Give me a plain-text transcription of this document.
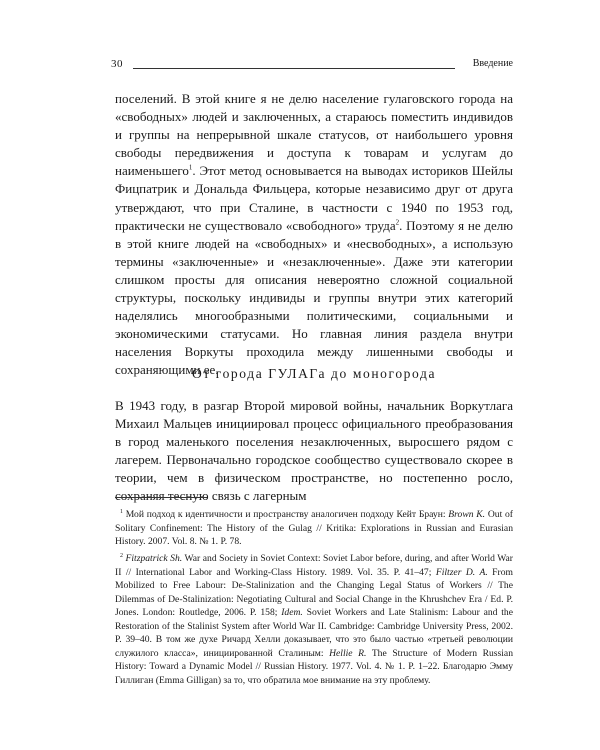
30	Введение

поселений. В этой книге я не делю население гулаговского города на «свободных» людей и заключенных, а стараюсь поместить индивидов и группы на непрерывной шкале статусов, от наибольшего уровня свободы передвижения и доступа к товарам и услугам до наименьшего$^1$. Этот метод основывается на выводах историков Шейлы Фицпатрик и Дональда Фильцера, которые независимо друг от друга утверждают, что при Сталине, в частности с 1940 по 1953 год, практически не существовало «свободного» труда$^2$. Поэтому я не делю в этой книге людей на «свободных» и «несвободных», а использую термины «заключенные» и «незаключенные». Даже эти категории слишком просты для описания невероятно сложной социальной структуры, поскольку индивиды и группы внутри этих категорий наделялись многообразными политическими, социальными и экономическими статусами. Но главная линия раздела внутри населения Воркуты проходила между лишенными свободы и сохраняющими ее.

От города ГУЛАГа до моногорода

В 1943 году, в разгар Второй мировой войны, начальник Воркутлага Михаил Мальцев инициировал процесс официального преобразования в город маленького поселения незаключенных, выросшего рядом с лагерем. Первоначально городское сообщество существовало скорее в теории, чем в физическом пространстве, но постепенно росло, сохраняя тесную связь с лагерным

$^1$ Мой подход к идентичности и пространству аналогичен подходу Кейт Браун: Brown K. Out of Solitary Confinement: The History of the Gulag // Kritika: Explorations in Russian and Eurasian History. 2007. Vol. 8. № 1. P. 78.

$^2$ Fitzpatrick Sh. War and Society in Soviet Context: Soviet Labor before, during, and after World War II // International Labor and Working-Class History. 1989. Vol. 35. P. 41–47; Filtzer D. A. From Mobilized to Free Labour: De-Stalinization and the Changing Legal Status of Workers // The Dilemmas of De-Stalinization: Negotiating Cultural and Social Change in the Khrushchev Era / Ed. P. Jones. London: Routledge, 2006. P. 158; Idem. Soviet Workers and Late Stalinism: Labour and the Restoration of the Stalinist System after World War II. Cambridge: Cambridge University Press, 2002. P. 39–40. В том же духе Ричард Хелли доказывает, что это было частью «третьей революции служилого класса», инициированной Сталиным: Hellie R. The Structure of Modern Russian History: Toward a Dynamic Model // Russian History. 1977. Vol. 4. № 1. P. 1–22. Благодарю Эмму Гиллиган (Emma Gilligan) за то, что обратила мое внимание на эту проблему.
